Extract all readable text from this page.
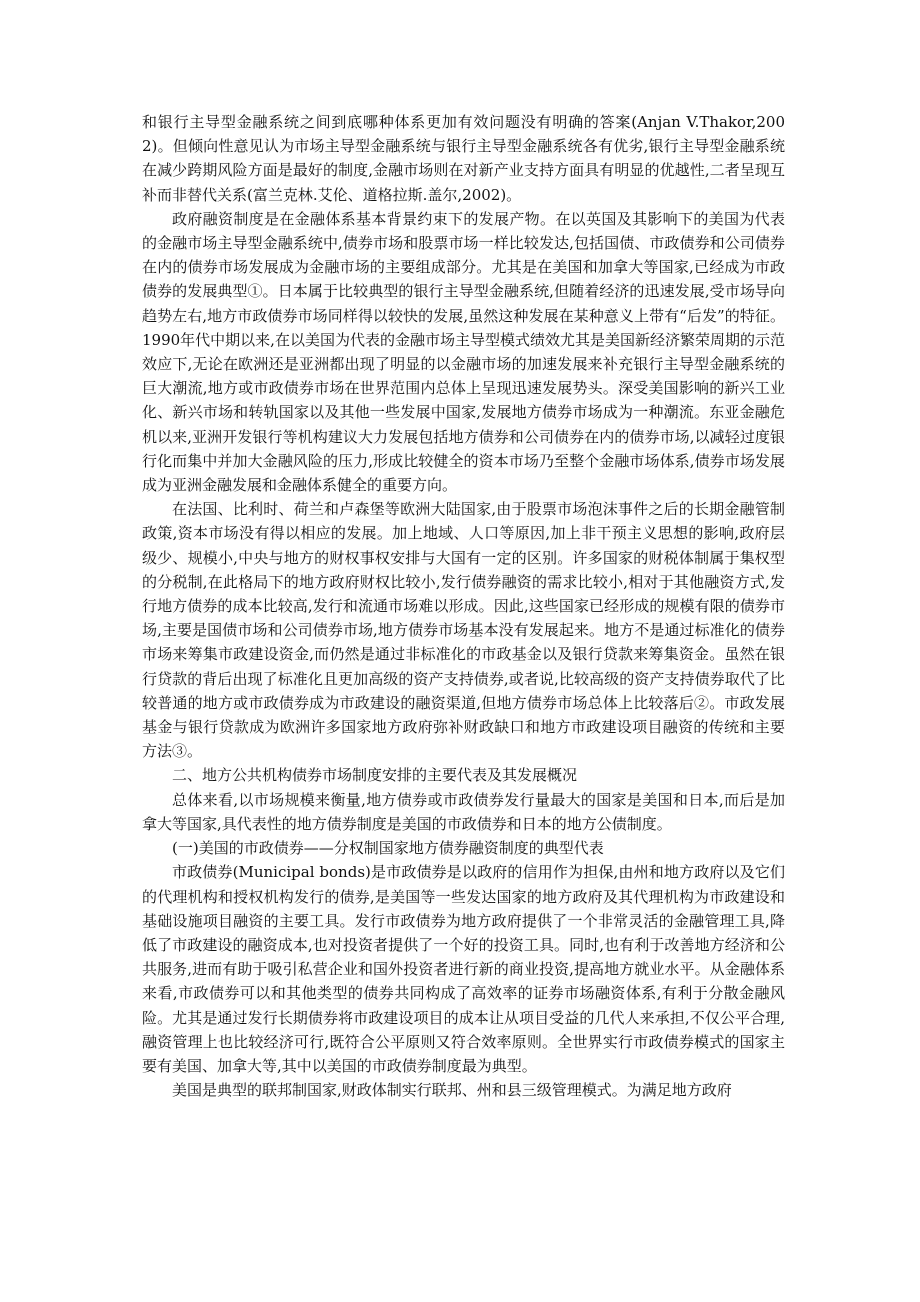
和银行主导型金融系统之间到底哪种体系更加有效问题没有明确的答案(Anjan V.Thakor,2002)。但倾向性意见认为市场主导型金融系统与银行主导型金融系统各有优劣,银行主导型金融系统在减少跨期风险方面是最好的制度,金融市场则在对新产业支持方面具有明显的优越性,二者呈现互补而非替代关系(富兰克林.艾伦、道格拉斯.盖尔,2002)。

政府融资制度是在金融体系基本背景约束下的发展产物。在以英国及其影响下的美国为代表的金融市场主导型金融系统中,债券市场和股票市场一样比较发达,包括国债、市政债券和公司债券在内的债券市场发展成为金融市场的主要组成部分。尤其是在美国和加拿大等国家,已经成为市政债券的发展典型①。日本属于比较典型的银行主导型金融系统,但随着经济的迅速发展,受市场导向趋势左右,地方市政债券市场同样得以较快的发展,虽然这种发展在某种意义上带有“后发”的特征。1990年代中期以来,在以美国为代表的金融市场主导型模式绩效尤其是美国新经济繁荣周期的示范效应下,无论在欧洲还是亚洲都出现了明显的以金融市场的加速发展来补充银行主导型金融系统的巨大潮流,地方或市政债券市场在世界范围内总体上呈现迅速发展势头。深受美国影响的新兴工业化、新兴市场和转轨国家以及其他一些发展中国家,发展地方债券市场成为一种潮流。东亚金融危机以来,亚洲开发银行等机构建议大力发展包括地方债券和公司债券在内的债券市场,以减轻过度银行化而集中并加大金融风险的压力,形成比较健全的资本市场乃至整个金融市场体系,债券市场发展成为亚洲金融发展和金融体系健全的重要方向。

在法国、比利时、荷兰和卢森堡等欧洲大陆国家,由于股票市场泡沫事件之后的长期金融管制政策,资本市场没有得以相应的发展。加上地域、人口等原因,加上非干预主义思想的影响,政府层级少、规模小,中央与地方的财权事权安排与大国有一定的区别。许多国家的财税体制属于集权型的分税制,在此格局下的地方政府财权比较小,发行债券融资的需求比较小,相对于其他融资方式,发行地方债券的成本比较高,发行和流通市场难以形成。因此,这些国家已经形成的规模有限的债券市场,主要是国债市场和公司债券市场,地方债券市场基本没有发展起来。地方不是通过标准化的债券市场来筹集市政建设资金,而仍然是通过非标准化的市政基金以及银行贷款来筹集资金。虽然在银行贷款的背后出现了标准化且更加高级的资产支持债券,或者说,比较高级的资产支持债券取代了比较普通的地方或市政债券成为市政建设的融资渠道,但地方债券市场总体上比较落后②。市政发展基金与银行贷款成为欧洲许多国家地方政府弥补财政缺口和地方市政建设项目融资的传统和主要方法③。

二、地方公共机构债券市场制度安排的主要代表及其发展概况

总体来看,以市场规模来衡量,地方债券或市政债券发行量最大的国家是美国和日本,而后是加拿大等国家,具代表性的地方债券制度是美国的市政债券和日本的地方公债制度。

(一)美国的市政债券——分权制国家地方债券融资制度的典型代表

市政债券(Municipal bonds)是市政债券是以政府的信用作为担保,由州和地方政府以及它们的代理机构和授权机构发行的债券,是美国等一些发达国家的地方政府及其代理机构为市政建设和基础设施项目融资的主要工具。发行市政债券为地方政府提供了一个非常灵活的金融管理工具,降低了市政建设的融资成本,也对投资者提供了一个好的投资工具。同时,也有利于改善地方经济和公共服务,进而有助于吸引私营企业和国外投资者进行新的商业投资,提高地方就业水平。从金融体系来看,市政债券可以和其他类型的债券共同构成了高效率的证券市场融资体系,有利于分散金融风险。尤其是通过发行长期债券将市政建设项目的成本让从项目受益的几代人来承担,不仅公平合理,融资管理上也比较经济可行,既符合公平原则又符合效率原则。全世界实行市政债券模式的国家主要有美国、加拿大等,其中以美国的市政债券制度最为典型。

美国是典型的联邦制国家,财政体制实行联邦、州和县三级管理模式。为满足地方政府
